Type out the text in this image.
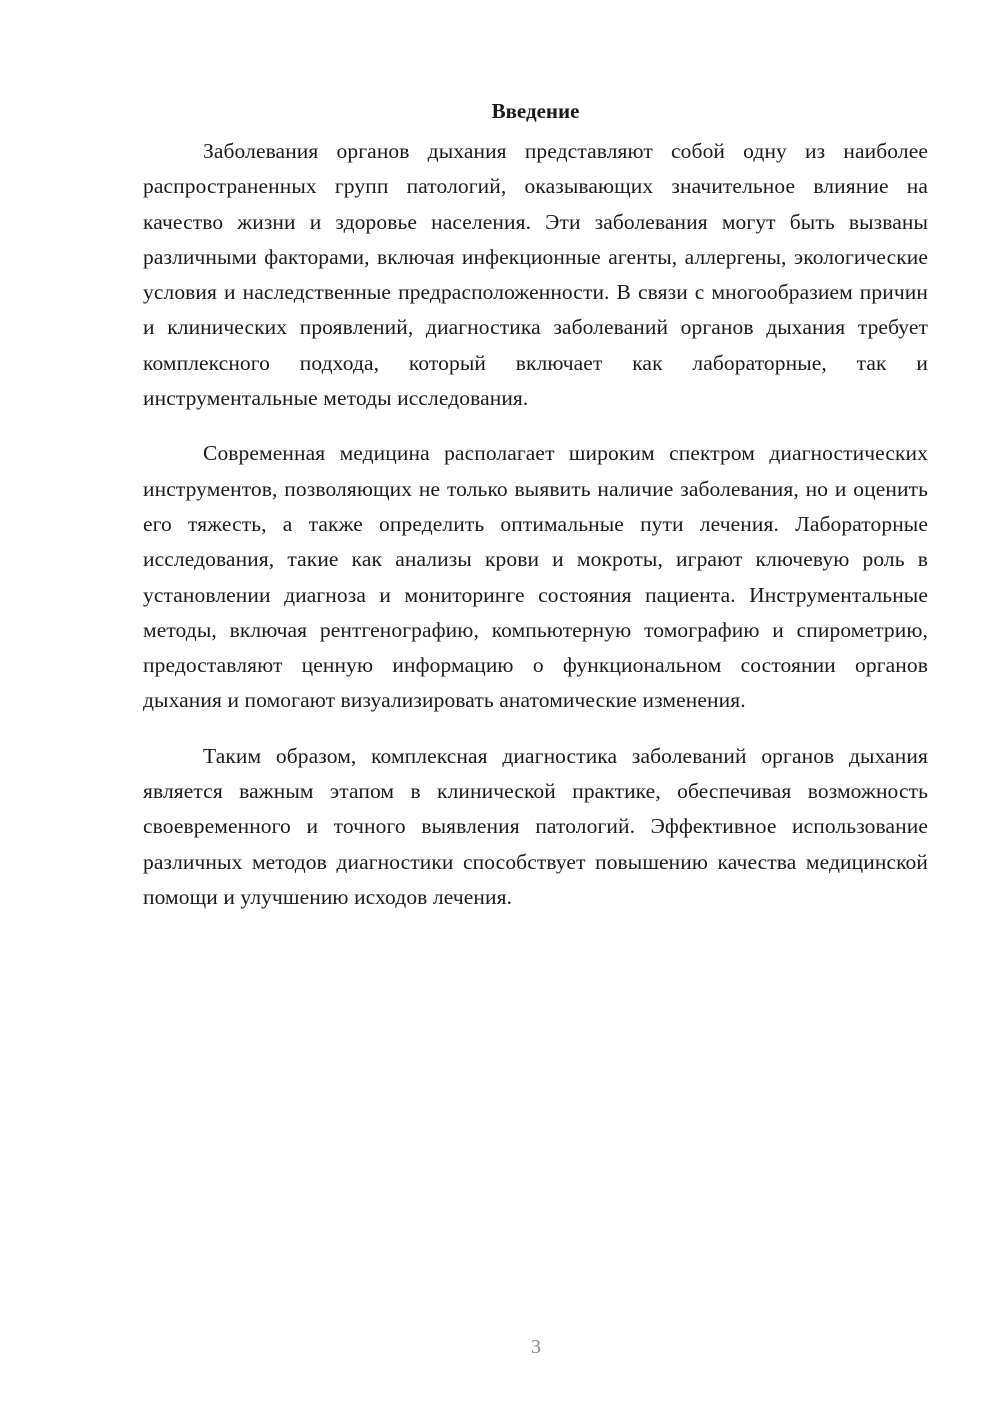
Введение

Заболевания органов дыхания представляют собой одну из наиболее распространенных групп патологий, оказывающих значительное влияние на качество жизни и здоровье населения. Эти заболевания могут быть вызваны различными факторами, включая инфекционные агенты, аллергены, экологические условия и наследственные предрасположенности. В связи с многообразием причин и клинических проявлений, диагностика заболеваний органов дыхания требует комплексного подхода, который включает как лабораторные, так и инструментальные методы исследования.

Современная медицина располагает широким спектром диагностических инструментов, позволяющих не только выявить наличие заболевания, но и оценить его тяжесть, а также определить оптимальные пути лечения. Лабораторные исследования, такие как анализы крови и мокроты, играют ключевую роль в установлении диагноза и мониторинге состояния пациента. Инструментальные методы, включая рентгенографию, компьютерную томографию и спирометрию, предоставляют ценную информацию о функциональном состоянии органов дыхания и помогают визуализировать анатомические изменения.

Таким образом, комплексная диагностика заболеваний органов дыхания является важным этапом в клинической практике, обеспечивая возможность своевременного и точного выявления патологий. Эффективное использование различных методов диагностики способствует повышению качества медицинской помощи и улучшению исходов лечения.

3
